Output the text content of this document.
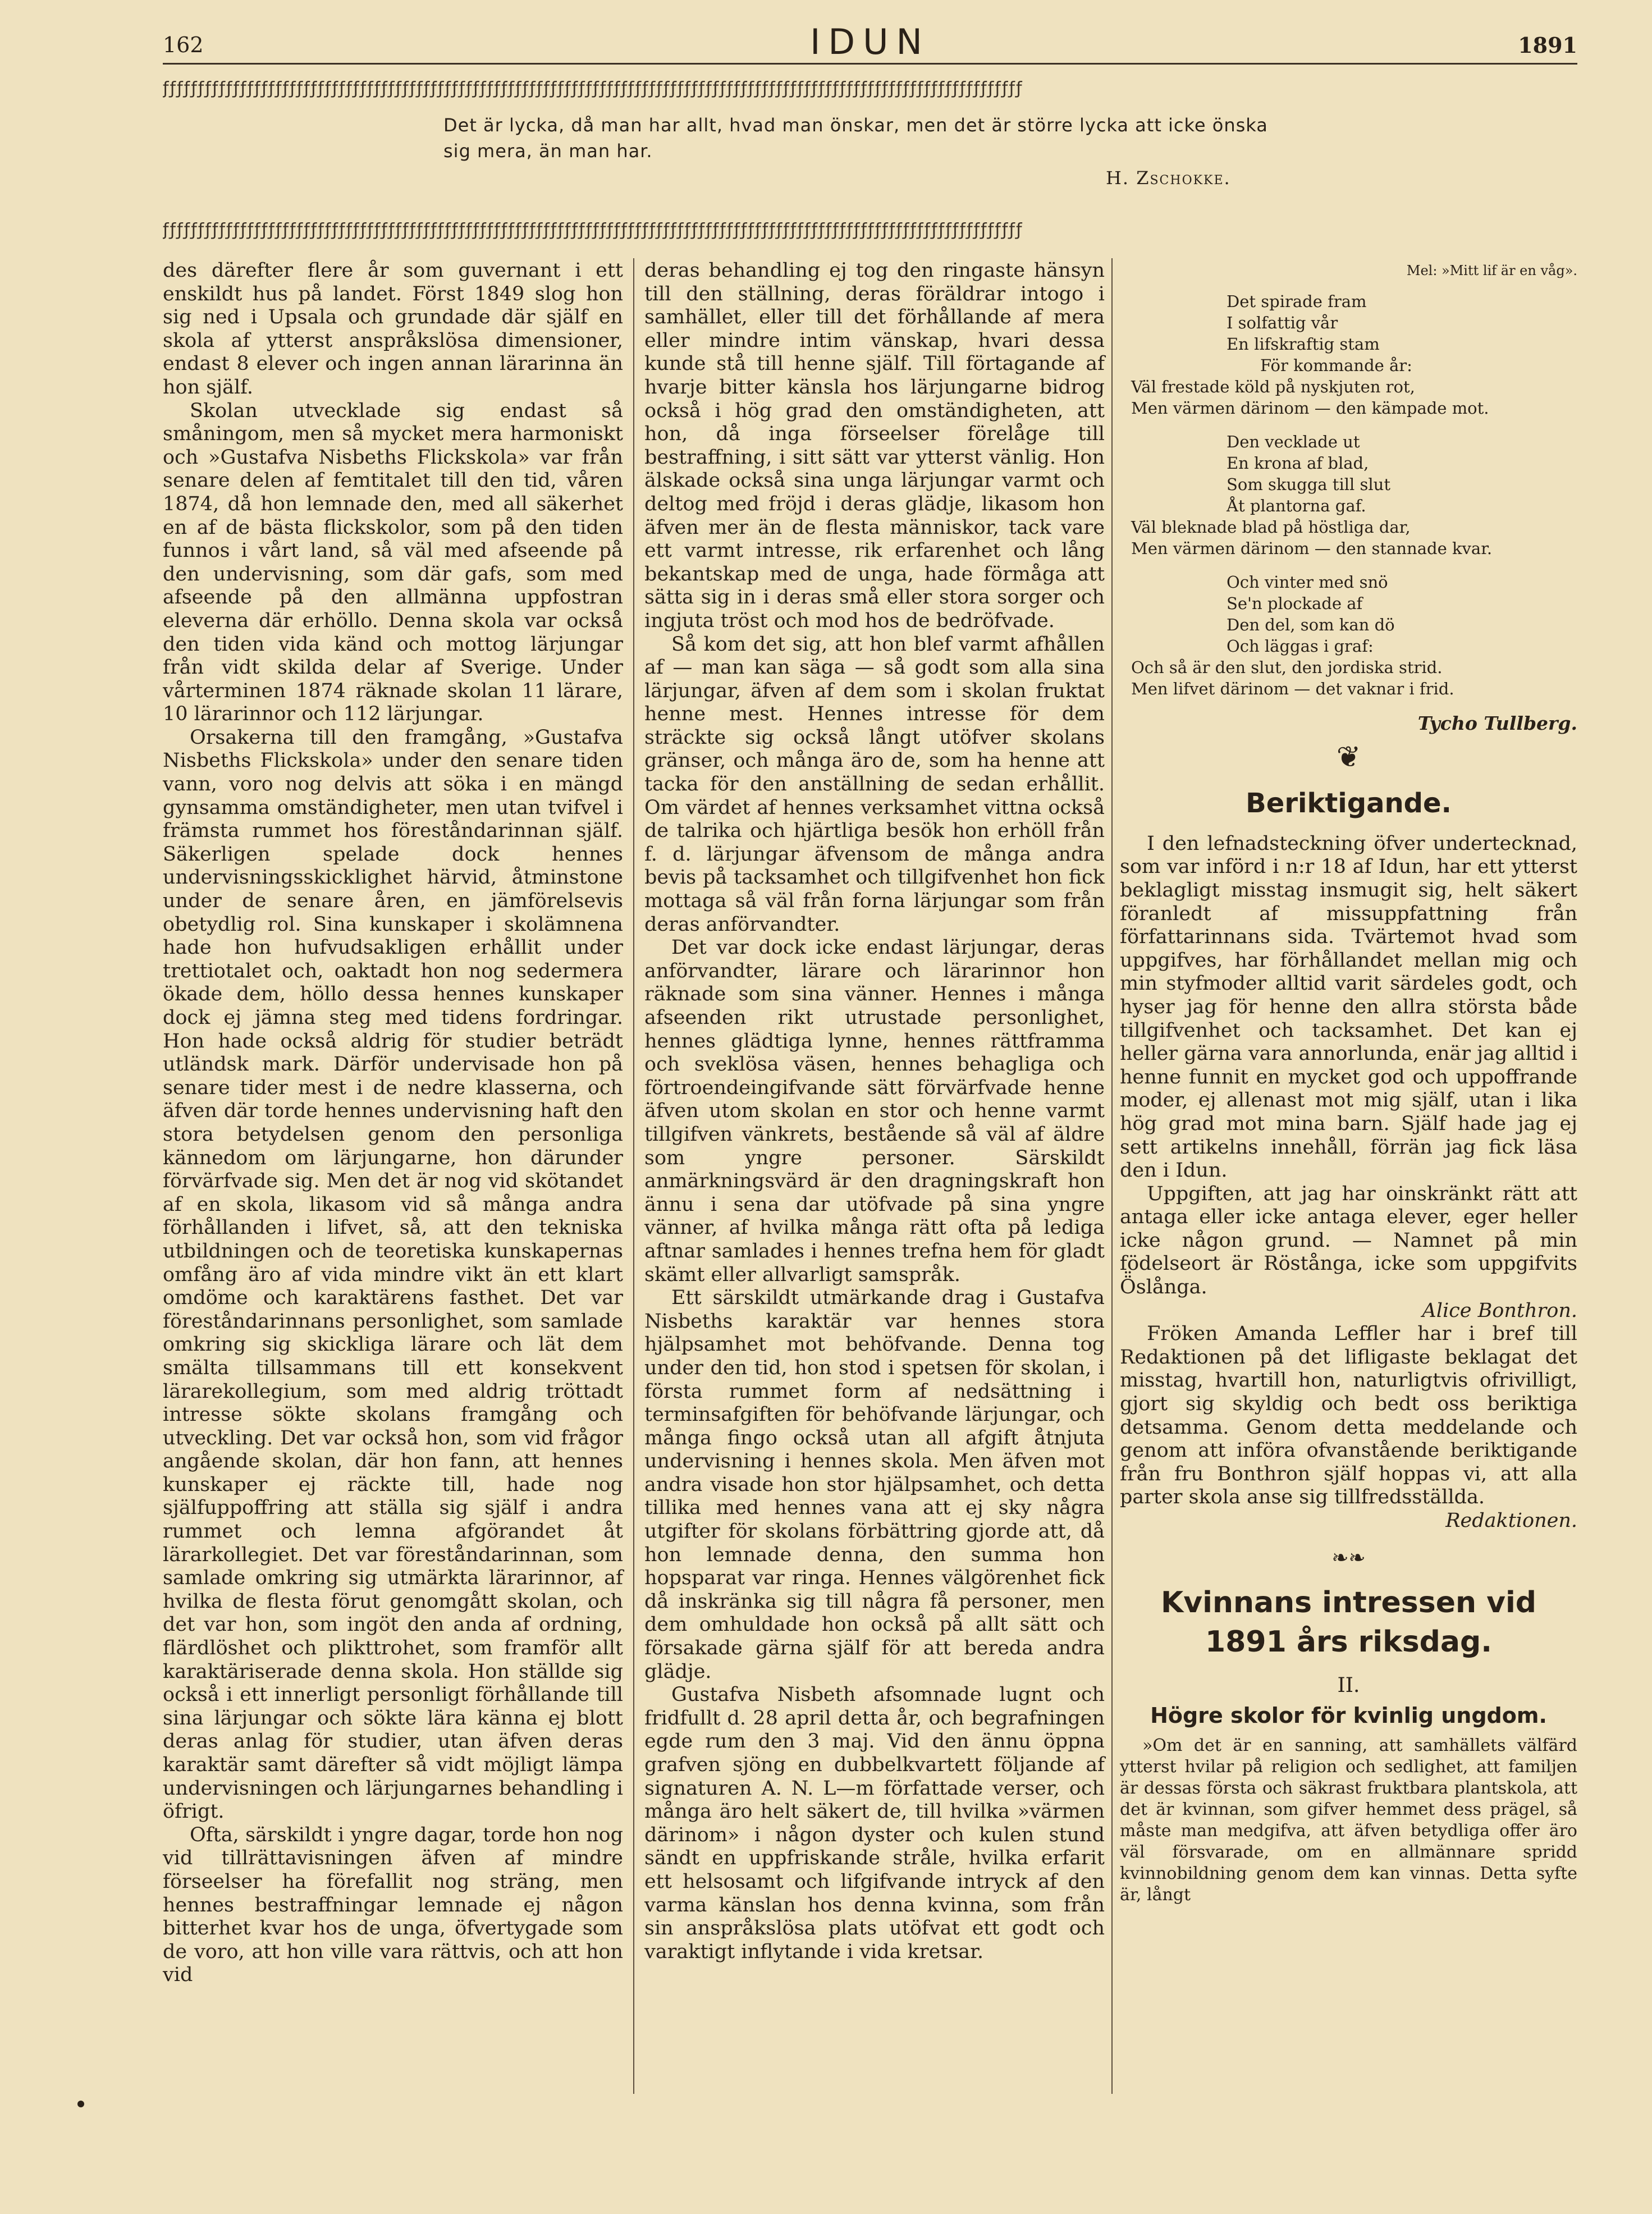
162	IDUN	1891
ƒƒƒƒƒƒƒƒƒƒƒƒƒƒƒƒƒƒƒƒƒƒƒƒƒƒƒƒƒƒƒƒƒƒƒƒƒƒƒƒƒƒƒƒƒƒƒƒƒƒƒƒƒƒƒƒƒƒƒƒƒƒƒƒƒƒƒƒƒƒƒƒƒƒƒƒƒƒƒƒƒƒƒƒƒƒƒƒƒƒƒƒƒƒƒƒƒƒƒƒƒƒƒƒƒƒƒƒƒƒƒƒƒƒƒƒƒƒƒƒƒƒ
Det är lycka, då man har allt, hvad man önskar, men det är större lycka att icke önska sig mera, än man har.
H. Zschokke.
ƒƒƒƒƒƒƒƒƒƒƒƒƒƒƒƒƒƒƒƒƒƒƒƒƒƒƒƒƒƒƒƒƒƒƒƒƒƒƒƒƒƒƒƒƒƒƒƒƒƒƒƒƒƒƒƒƒƒƒƒƒƒƒƒƒƒƒƒƒƒƒƒƒƒƒƒƒƒƒƒƒƒƒƒƒƒƒƒƒƒƒƒƒƒƒƒƒƒƒƒƒƒƒƒƒƒƒƒƒƒƒƒƒƒƒƒƒƒƒƒƒƒ

des därefter flere år som guvernant i ett enskildt hus på landet. Först 1849 slog hon sig ned i Upsala och grundade där själf en skola af ytterst anspråkslösa dimensioner, endast 8 elever och ingen annan lärarinna än hon själf.

Skolan utvecklade sig endast så småningom, men så mycket mera harmoniskt och »Gustafva Nisbeths Flickskola» var från senare delen af femtitalet till den tid, våren 1874, då hon lemnade den, med all säkerhet en af de bästa flickskolor, som på den tiden funnos i vårt land, så väl med afseende på den undervisning, som där gafs, som med afseende på den allmänna uppfostran eleverna där erhöllo. Denna skola var också den tiden vida känd och mottog lärjungar från vidt skilda delar af Sverige. Under vårterminen 1874 räknade skolan 11 lärare, 10 lärarinnor och 112 lärjungar.

Orsakerna till den framgång, »Gustafva Nisbeths Flickskola» under den senare tiden vann, voro nog delvis att söka i en mängd gynsamma omständigheter, men utan tvifvel i främsta rummet hos föreståndarinnan själf. Säkerligen spelade dock hennes undervisningsskicklighet härvid, åtminstone under de senare åren, en jämförelsevis obetydlig rol. Sina kunskaper i skolämnena hade hon hufvudsakligen erhållit under trettiotalet och, oaktadt hon nog sedermera ökade dem, höllo dessa hennes kunskaper dock ej jämna steg med tidens fordringar. Hon hade också aldrig för studier beträdt utländsk mark. Därför undervisade hon på senare tider mest i de nedre klasserna, och äfven där torde hennes undervisning haft den stora betydelsen genom den personliga kännedom om lärjungarne, hon därunder förvärfvade sig. Men det är nog vid skötandet af en skola, likasom vid så många andra förhållanden i lifvet, så, att den tekniska utbildningen och de teoretiska kunskapernas omfång äro af vida mindre vikt än ett klart omdöme och karaktärens fasthet. Det var föreståndarinnans personlighet, som samlade omkring sig skickliga lärare och lät dem smälta tillsammans till ett konsekvent lärarekollegium, som med aldrig tröttadt intresse sökte skolans framgång och utveckling. Det var också hon, som vid frågor angående skolan, där hon fann, att hennes kunskaper ej räckte till, hade nog själfuppoffring att ställa sig själf i andra rummet och lemna afgörandet åt lärarkollegiet. Det var föreståndarinnan, som samlade omkring sig utmärkta lärarinnor, af hvilka de flesta förut genomgått skolan, och det var hon, som ingöt den anda af ordning, flärdlöshet och plikttrohet, som framför allt karaktäriserade denna skola. Hon ställde sig också i ett innerligt personligt förhållande till sina lärjungar och sökte lära känna ej blott deras anlag för studier, utan äfven deras karaktär samt därefter så vidt möjligt lämpa undervisningen och lärjungarnes behandling i öfrigt.

Ofta, särskildt i yngre dagar, torde hon nog vid tillrättavisningen äfven af mindre förseelser ha förefallit nog sträng, men hennes bestraffningar lemnade ej någon bitterhet kvar hos de unga, öfvertygade som de voro, att hon ville vara rättvis, och att hon vid

deras behandling ej tog den ringaste hänsyn till den ställning, deras föräldrar intogo i samhället, eller till det förhållande af mera eller mindre intim vänskap, hvari dessa kunde stå till henne själf. Till förtagande af hvarje bitter känsla hos lärjungarne bidrog också i hög grad den omständigheten, att hon, då inga förseelser förelåge till bestraffning, i sitt sätt var ytterst vänlig. Hon älskade också sina unga lärjungar varmt och deltog med fröjd i deras glädje, likasom hon äfven mer än de flesta människor, tack vare ett varmt intresse, rik erfarenhet och lång bekantskap med de unga, hade förmåga att sätta sig in i deras små eller stora sorger och ingjuta tröst och mod hos de bedröfvade.

Så kom det sig, att hon blef varmt afhållen af — man kan säga — så godt som alla sina lärjungar, äfven af dem som i skolan fruktat henne mest. Hennes intresse för dem sträckte sig också långt utöfver skolans gränser, och många äro de, som ha henne att tacka för den anställning de sedan erhållit. Om värdet af hennes verksamhet vittna också de talrika och hjärtliga besök hon erhöll från f. d. lärjungar äfvensom de många andra bevis på tacksamhet och tillgifvenhet hon fick mottaga så väl från forna lärjungar som från deras anförvandter.

Det var dock icke endast lärjungar, deras anförvandter, lärare och lärarinnor hon räknade som sina vänner. Hennes i många afseenden rikt utrustade personlighet, hennes glädtiga lynne, hennes rättframma och sveklösa väsen, hennes behagliga och förtroendeingifvande sätt förvärfvade henne äfven utom skolan en stor och henne varmt tillgifven vänkrets, bestående så väl af äldre som yngre personer. Särskildt anmärkningsvärd är den dragningskraft hon ännu i sena dar utöfvade på sina yngre vänner, af hvilka många rätt ofta på lediga aftnar samlades i hennes trefna hem för gladt skämt eller allvarligt samspråk.

Ett särskildt utmärkande drag i Gustafva Nisbeths karaktär var hennes stora hjälpsamhet mot behöfvande. Denna tog under den tid, hon stod i spetsen för skolan, i första rummet form af nedsättning i terminsafgiften för behöfvande lärjungar, och många fingo också utan all afgift åtnjuta undervisning i hennes skola. Men äfven mot andra visade hon stor hjälpsamhet, och detta tillika med hennes vana att ej sky några utgifter för skolans förbättring gjorde att, då hon lemnade denna, den summa hon hopsparat var ringa. Hennes välgörenhet fick då inskränka sig till några få personer, men dem omhuldade hon också på allt sätt och försakade gärna själf för att bereda andra glädje.

Gustafva Nisbeth afsomnade lugnt och fridfullt d. 28 april detta år, och begrafningen egde rum den 3 maj. Vid den ännu öppna grafven sjöng en dubbelkvartett följande af signaturen A. N. L—m författade verser, och många äro helt säkert de, till hvilka »värmen därinom» i någon dyster och kulen stund sändt en uppfriskande stråle, hvilka erfarit ett helsosamt och lifgifvande intryck af den varma känslan hos denna kvinna, som från sin anspråkslösa plats utöfvat ett godt och varaktigt inflytande i vida kretsar.

Mel: »Mitt lif är en våg».
Det spirade fram
I solfattig vår
En lifskraftig stam
För kommande år:
Väl frestade köld på nyskjuten rot,
Men värmen därinom — den kämpade mot.
Den vecklade ut
En krona af blad,
Som skugga till slut
Åt plantorna gaf.
Väl bleknade blad på höstliga dar,
Men värmen därinom — den stannade kvar.
Och vinter med snö
Se'n plockade af
Den del, som kan dö
Och läggas i graf:
Och så är den slut, den jordiska strid.
Men lifvet därinom — det vaknar i frid.
Tycho Tullberg.
❦
Beriktigande.

I den lefnadsteckning öfver undertecknad, som var införd i n:r 18 af Idun, har ett ytterst beklagligt misstag insmugit sig, helt säkert föranledt af missuppfattning från författarinnans sida. Tvärtemot hvad som uppgifves, har förhållandet mellan mig och min styfmoder alltid varit särdeles godt, och hyser jag för henne den allra största både tillgifvenhet och tacksamhet. Det kan ej heller gärna vara annorlunda, enär jag alltid i henne funnit en mycket god och uppoffrande moder, ej allenast mot mig själf, utan i lika hög grad mot mina barn. Själf hade jag ej sett artikelns innehåll, förrän jag fick läsa den i Idun.

Uppgiften, att jag har oinskränkt rätt att antaga eller icke antaga elever, eger heller icke någon grund. — Namnet på min födelseort är Röstånga, icke som uppgifvits Ö̈slånga.

Alice Bonthron.

Fröken Amanda Leffler har i bref till Redaktionen på det lifligaste beklagat det misstag, hvartill hon, naturligtvis ofrivilligt, gjort sig skyldig och bedt oss beriktiga detsamma. Genom detta meddelande och genom att införa ofvanstående beriktigande från fru Bonthron själf hoppas vi, att alla parter skola anse sig tillfredsställda.

Redaktionen.

❧❧
Kvinnans intressen vid 1891 års riksdag.
II.
Högre skolor för kvinlig ungdom.

»Om det är en sanning, att samhällets välfärd ytterst hvilar på religion och sedlighet, att familjen är dessas första och säkrast fruktbara plantskola, att det är kvinnan, som gifver hemmet dess prägel, så måste man medgifva, att äfven betydliga offer äro väl försvarade, om en allmännare spridd kvinnobildning genom dem kan vinnas. Detta syfte är, långt
